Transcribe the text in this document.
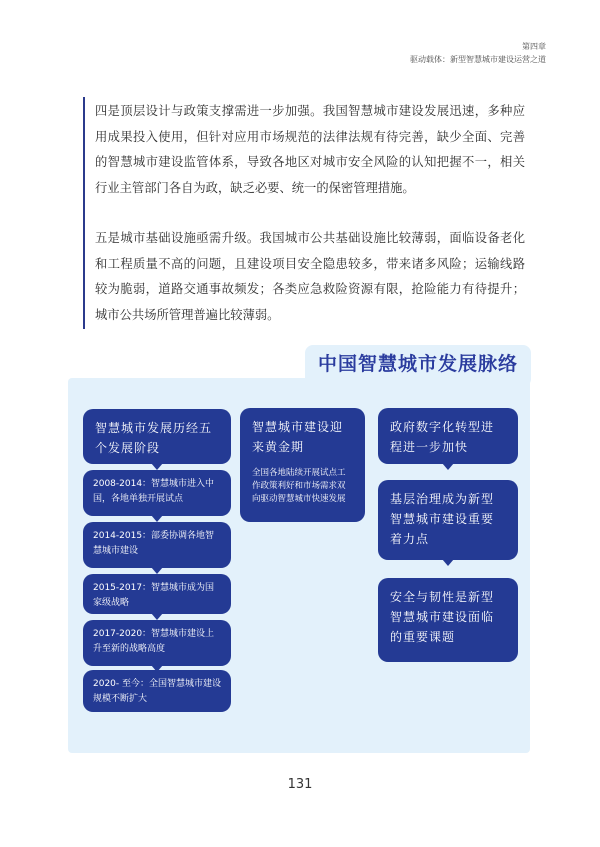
第四章
驱动载体：新型智慧城市建设运营之道

四是顶层设计与政策支撑需进一步加强。我国智慧城市建设发展迅速，多种应用成果投入使用，但针对应用市场规范的法律法规有待完善，缺少全面、完善的智慧城市建设监管体系，导致各地区对城市安全风险的认知把握不一，相关行业主管部门各自为政，缺乏必要、统一的保密管理措施。

五是城市基础设施亟需升级。我国城市公共基础设施比较薄弱，面临设备老化和工程质量不高的问题，且建设项目安全隐患较多，带来诸多风险；运输线路较为脆弱，道路交通事故频发；各类应急救险资源有限，抢险能力有待提升；城市公共场所管理普遍比较薄弱。

中国智慧城市发展脉络
智慧城市发展历经五个发展阶段
2008-2014：智慧城市进入中国，各地单独开展试点
2014-2015：部委协调各地智慧城市建设
2015-2017：智慧城市成为国家级战略
2017-2020：智慧城市建设上升至新的战略高度
2020- 至今：全国智慧城市建设规模不断扩大
智慧城市建设迎来黄金期
全国各地陆续开展试点工作政策利好和市场需求双向驱动智慧城市快速发展
政府数字化转型进程进一步加快
基层治理成为新型智慧城市建设重要着力点
安全与韧性是新型智慧城市建设面临的重要课题
131
